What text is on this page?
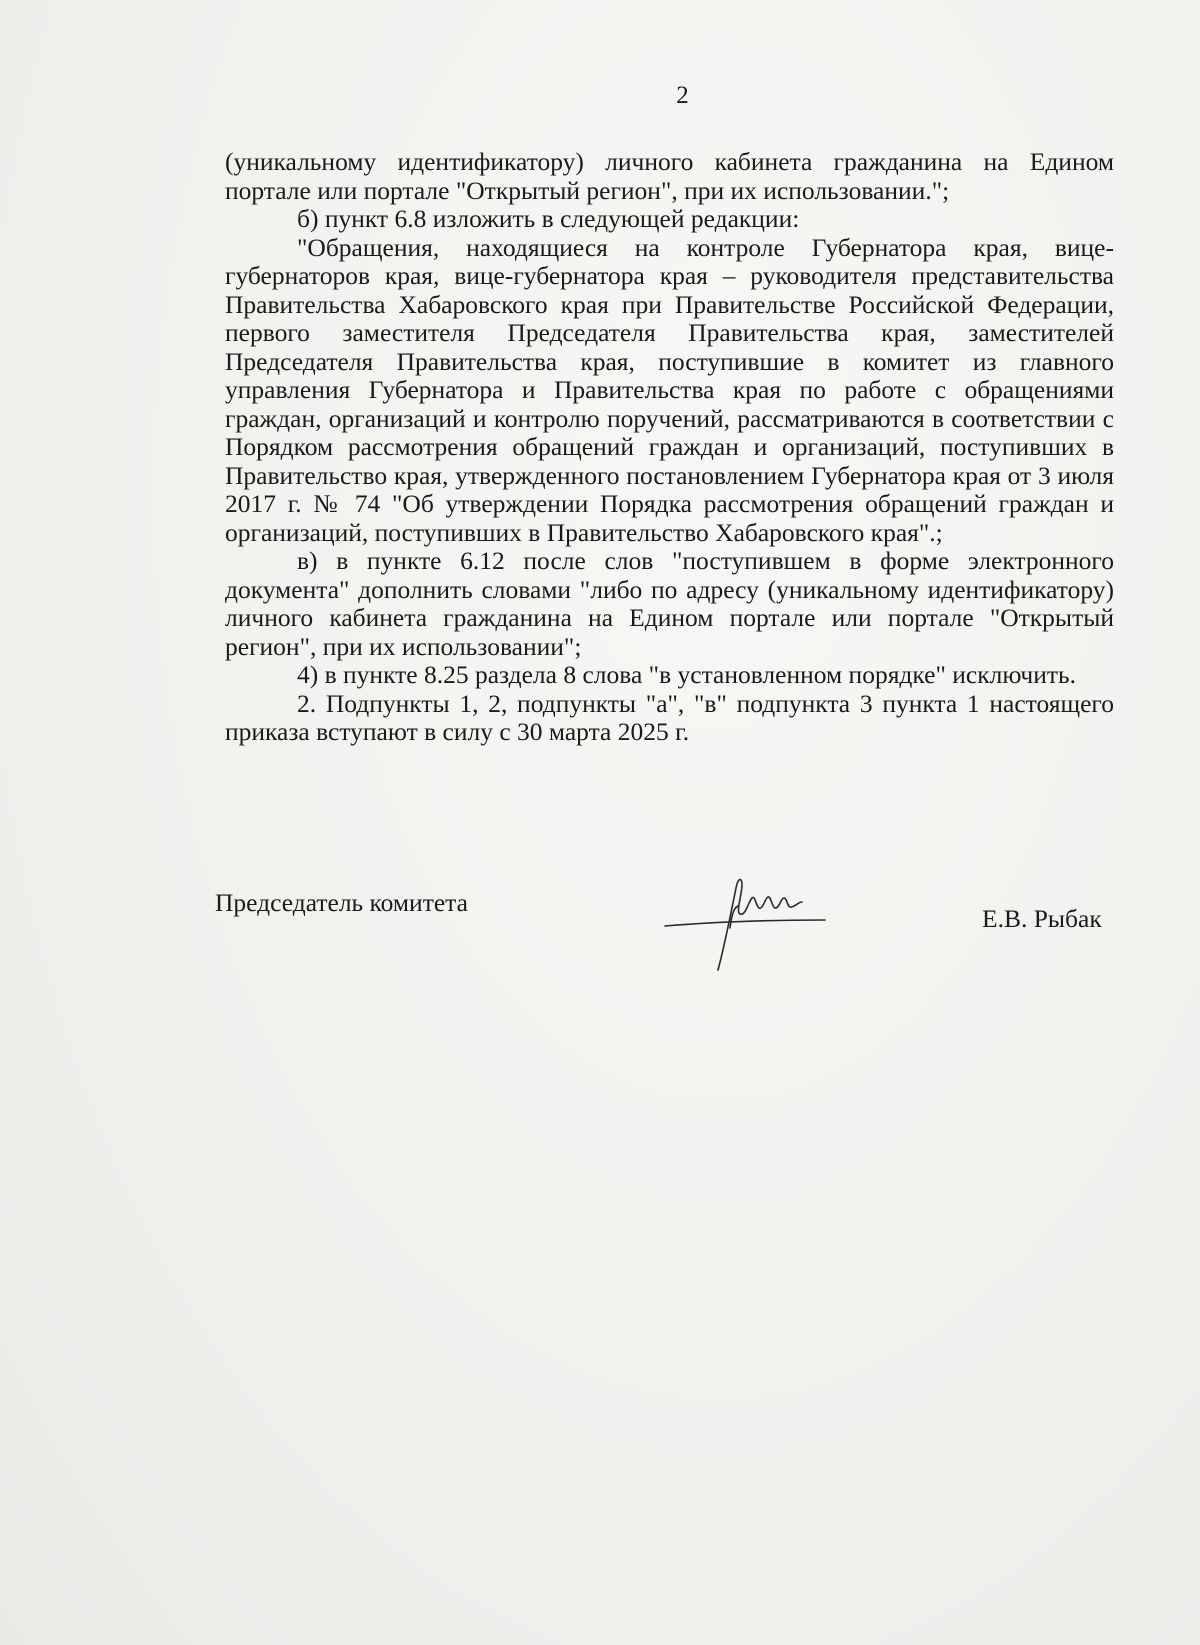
2

(уникальному идентификатору) личного кабинета гражданина на Едином портале или портале "Открытый регион", при их использовании.";

б) пункт 6.8 изложить в следующей редакции:

"Обращения, находящиеся на контроле Губернатора края, вице-губернаторов края, вице-губернатора края – руководителя представительства Правительства Хабаровского края при Правительстве Российской Федерации, первого заместителя Председателя Правительства края, заместителей Председателя Правительства края, поступившие в комитет из главного управления Губернатора и Правительства края по работе с обращениями граждан, организаций и контролю поручений, рассматриваются в соответствии с Порядком рассмотрения обращений граждан и организаций, поступивших в Правительство края, утвержденного постановлением Губернатора края от 3 июля 2017 г. № 74 "Об утверждении Порядка рассмотрения обращений граждан и организаций, поступивших в Правительство Хабаровского края".;

в) в пункте 6.12 после слов "поступившем в форме электронного документа" дополнить словами "либо по адресу (уникальному идентификатору) личного кабинета гражданина на Едином портале или портале "Открытый регион", при их использовании";

4) в пункте 8.25 раздела 8 слова "в установленном порядке" исключить.

2. Подпункты 1, 2, подпункты "а", "в" подпункта 3 пункта 1 настоящего приказа вступают в силу с 30 марта 2025 г.

Председатель комитета
Е.В. Рыбак
